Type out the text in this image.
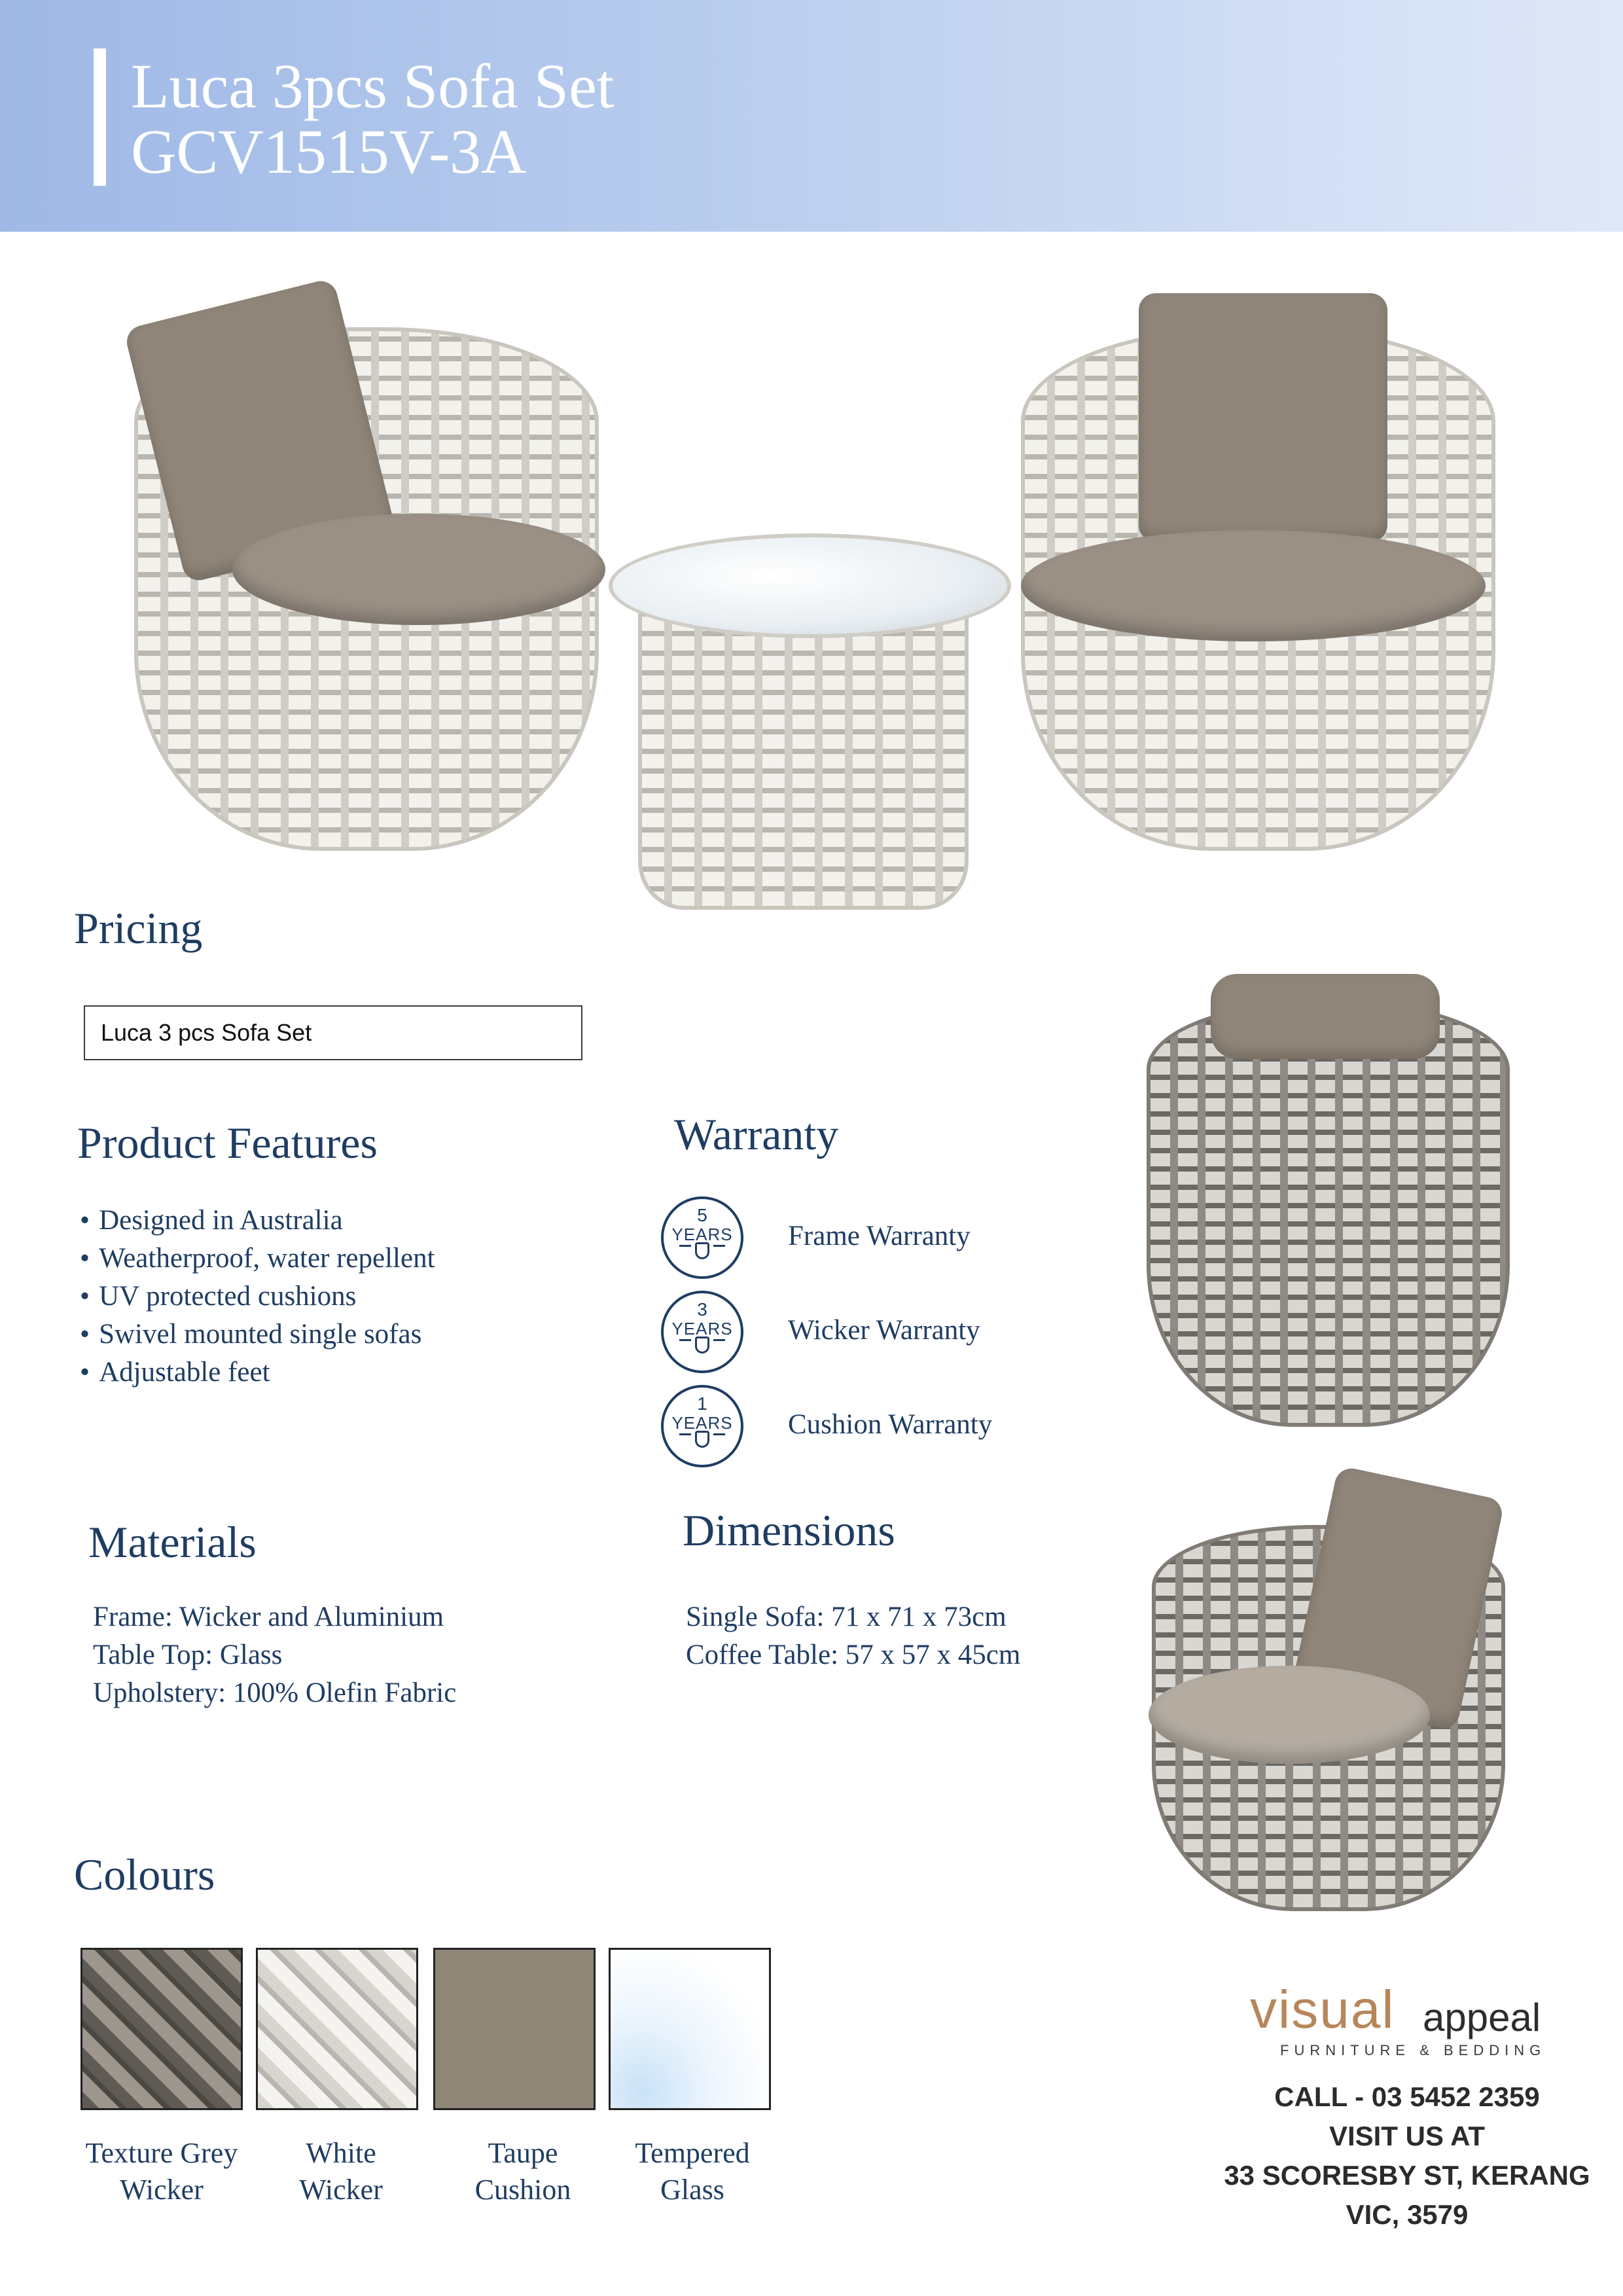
Luca 3pcs Sofa Set
GCV1515V-3A
Pricing
Luca 3 pcs Sofa Set
Product Features
• Designed in Australia
• Weatherproof, water repellent
• UV protected cushions
• Swivel mounted single sofas
• Adjustable feet
Warranty
5
YEARS Frame Warranty
3
YEARS Wicker Warranty
1
YEARS Cushion Warranty
Materials
Frame: Wicker and Aluminium
Table Top: Glass
Upholstery: 100% Olefin Fabric
Dimensions
Single Sofa: 71 x 71 x 73cm
Coffee Table: 57 x 57 x 45cm
Colours
Texture Grey
Wicker
White
Wicker
Taupe
Cushion
Tempered
Glass
visual appeal
FURNITURE & BEDDING
CALL - 03 5452 2359
VISIT US AT
33 SCORESBY ST, KERANG
VIC, 3579
